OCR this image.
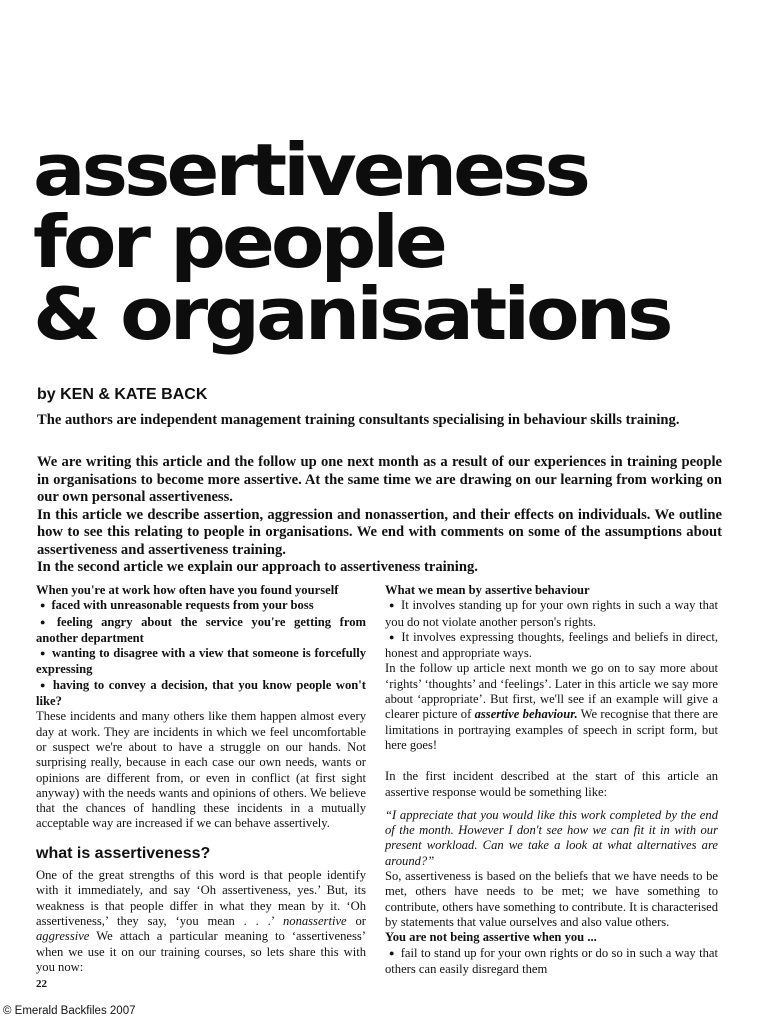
assertiveness
for people
& organisations
by KEN & KATE BACK

The authors are independent management training consultants specialising in behaviour skills training.

We are writing this article and the follow up one next month as a result of our experiences in training people in organisations to become more assertive. At the same time we are drawing on our learning from working on our own personal assertiveness.
In this article we describe assertion, aggression and nonassertion, and their effects on individuals. We outline how to see this relating to people in organisations. We end with comments on some of the assumptions about assertiveness and assertiveness training.
In the second article we explain our approach to assertiveness training.

When you're at work how often have you found yourself

● faced with unreasonable requests from your boss

● feeling angry about the service you're getting from another department

● wanting to disagree with a view that someone is forcefully expressing

● having to convey a decision, that you know people won't like?

These incidents and many others like them happen almost every day at work. They are incidents in which we feel uncomfortable or suspect we're about to have a struggle on our hands. Not surprising really, because in each case our own needs, wants or opinions are different from, or even in conflict (at first sight anyway) with the needs wants and opinions of others. We believe that the chances of handling these incidents in a mutually acceptable way are increased if we can behave assertively.

what is assertiveness?

One of the great strengths of this word is that people identify with it immediately, and say ‘Oh assertiveness, yes.’ But, its weakness is that people differ in what they mean by it. ‘Oh assertiveness,’ they say, ‘you mean . . .’ nonassertive or aggressive We attach a particular meaning to ‘assertiveness’ when we use it on our training courses, so lets share this with you now:

What we mean by assertive behaviour

● It involves standing up for your own rights in such a way that you do not violate another person's rights.

● It involves expressing thoughts, feelings and beliefs in direct, honest and appropriate ways.

In the follow up article next month we go on to say more about ‘rights’ ‘thoughts’ and ‘feelings’. Later in this article we say more about ‘appropriate’. But first, we'll see if an example will give a clearer picture of assertive behaviour. We recognise that there are limitations in portraying examples of speech in script form, but here goes!

In the first incident described at the start of this article an assertive response would be something like:

“I appreciate that you would like this work completed by the end of the month. However I don't see how we can fit it in with our present workload. Can we take a look at what alternatives are around?”

So, assertiveness is based on the beliefs that we have needs to be met, others have needs to be met; we have something to contribute, others have something to contribute. It is characterised by statements that value ourselves and also value others.

You are not being assertive when you ...

● fail to stand up for your own rights or do so in such a way that others can easily disregard them

22
© Emerald Backfiles 2007
